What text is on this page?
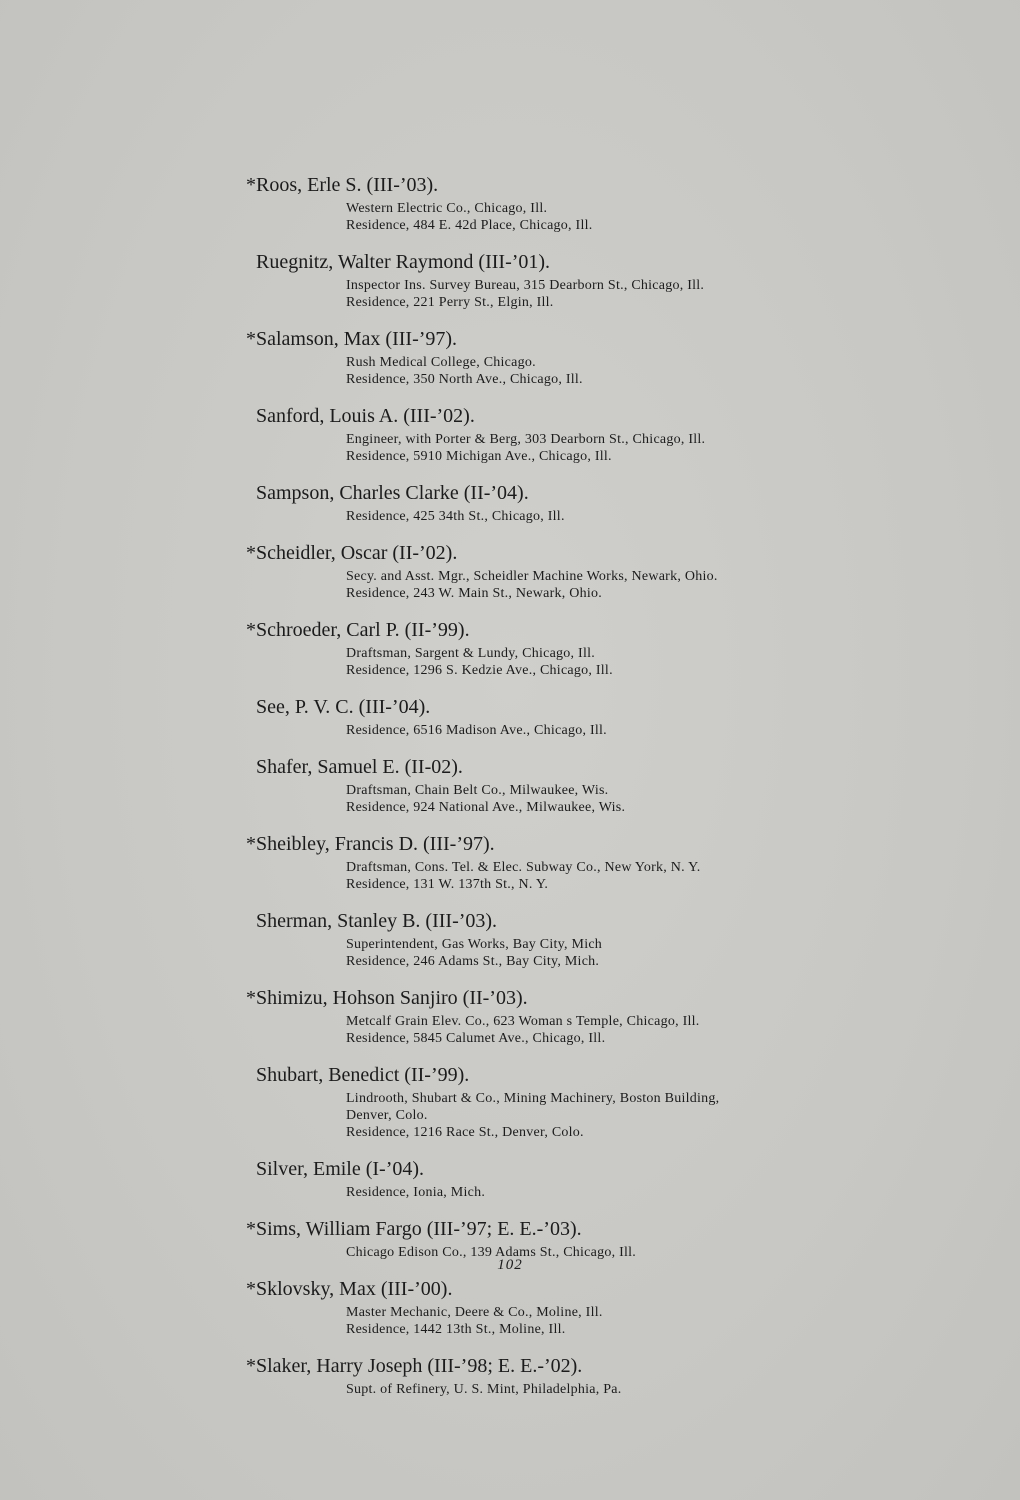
* Roos, Erle S. (III-’03).
Western Electric Co., Chicago, Ill.
Residence, 484 E. 42d Place, Chicago, Ill.
Ruegnitz, Walter Raymond (III-’01).
Inspector Ins. Survey Bureau, 315 Dearborn St., Chicago, Ill.
Residence, 221 Perry St., Elgin, Ill.
* Salamson, Max (III-’97).
Rush Medical College, Chicago.
Residence, 350 North Ave., Chicago, Ill.
Sanford, Louis A. (III-’02).
Engineer, with Porter & Berg, 303 Dearborn St., Chicago, Ill.
Residence, 5910 Michigan Ave., Chicago, Ill.
Sampson, Charles Clarke (II-’04).
Residence, 425 34th St., Chicago, Ill.
* Scheidler, Oscar (II-’02).
Secy. and Asst. Mgr., Scheidler Machine Works, Newark, Ohio.
Residence, 243 W. Main St., Newark, Ohio.
* Schroeder, Carl P. (II-’99).
Draftsman, Sargent & Lundy, Chicago, Ill.
Residence, 1296 S. Kedzie Ave., Chicago, Ill.
See, P. V. C. (III-’04).
Residence, 6516 Madison Ave., Chicago, Ill.
Shafer, Samuel E. (II-02).
Draftsman, Chain Belt Co., Milwaukee, Wis.
Residence, 924 National Ave., Milwaukee, Wis.
* Sheibley, Francis D. (III-’97).
Draftsman, Cons. Tel. & Elec. Subway Co., New York, N. Y.
Residence, 131 W. 137th St., N. Y.
Sherman, Stanley B. (III-’03).
Superintendent, Gas Works, Bay City, Mich
Residence, 246 Adams St., Bay City, Mich.
* Shimizu, Hohson Sanjiro (II-’03).
Metcalf Grain Elev. Co., 623 Woman s Temple, Chicago, Ill.
Residence, 5845 Calumet Ave., Chicago, Ill.
Shubart, Benedict (II-’99).
Lindrooth, Shubart & Co., Mining Machinery, Boston Building,
Denver, Colo.
Residence, 1216 Race St., Denver, Colo.
Silver, Emile (I-’04).
Residence, Ionia, Mich.
* Sims, William Fargo (III-’97; E. E.-’03).
Chicago Edison Co., 139 Adams St., Chicago, Ill.
* Sklovsky, Max (III-’00).
Master Mechanic, Deere & Co., Moline, Ill.
Residence, 1442 13th St., Moline, Ill.
* Slaker, Harry Joseph (III-’98; E. E.-’02).
Supt. of Refinery, U. S. Mint, Philadelphia, Pa.
102
